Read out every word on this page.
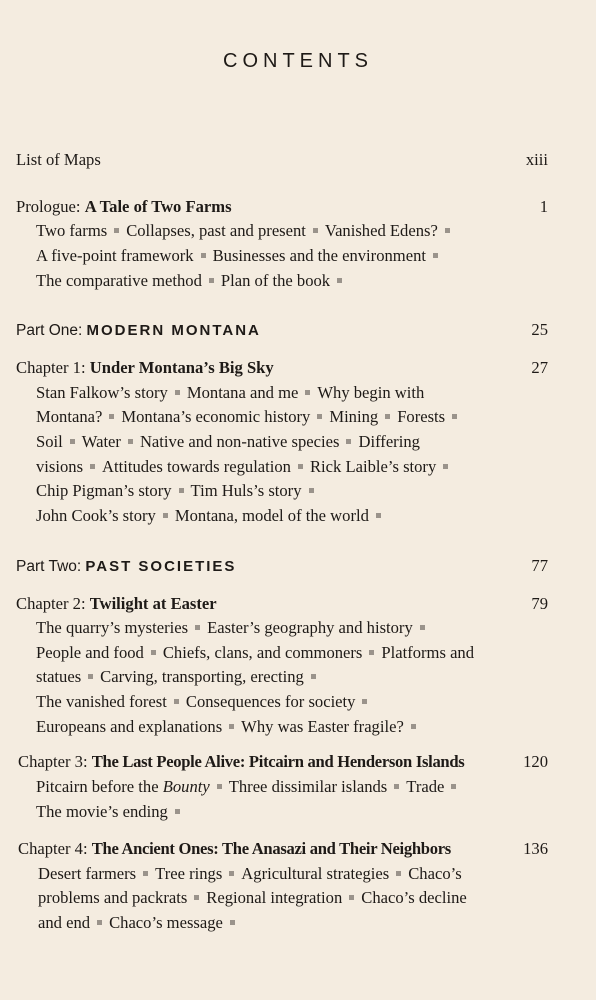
CONTENTS
List of Maps	xiii
Prologue: A Tale of Two Farms	1
Two farms Collapses, past and present Vanished Edens?
A five-point framework Businesses and the environment
The comparative method Plan of the book
Part One: MODERN MONTANA	25
Chapter 1: Under Montana’s Big Sky	27
Stan Falkow’s story Montana and me Why begin with
Montana? Montana’s economic history Mining Forests
Soil Water Native and non-native species Differing
visions Attitudes towards regulation Rick Laible’s story
Chip Pigman’s story Tim Huls’s story
John Cook’s story Montana, model of the world
Part Two: PAST SOCIETIES	77
Chapter 2: Twilight at Easter	79
The quarry’s mysteries Easter’s geography and history
People and food Chiefs, clans, and commoners Platforms and
statues Carving, transporting, erecting
The vanished forest Consequences for society
Europeans and explanations Why was Easter fragile?
Chapter 3: The Last People Alive: Pitcairn and Henderson Islands	120
Pitcairn before the Bounty Three dissimilar islands Trade
The movie’s ending
Chapter 4: The Ancient Ones: The Anasazi and Their Neighbors	136
Desert farmers Tree rings Agricultural strategies Chaco’s
problems and packrats Regional integration Chaco’s decline
and end Chaco’s message
